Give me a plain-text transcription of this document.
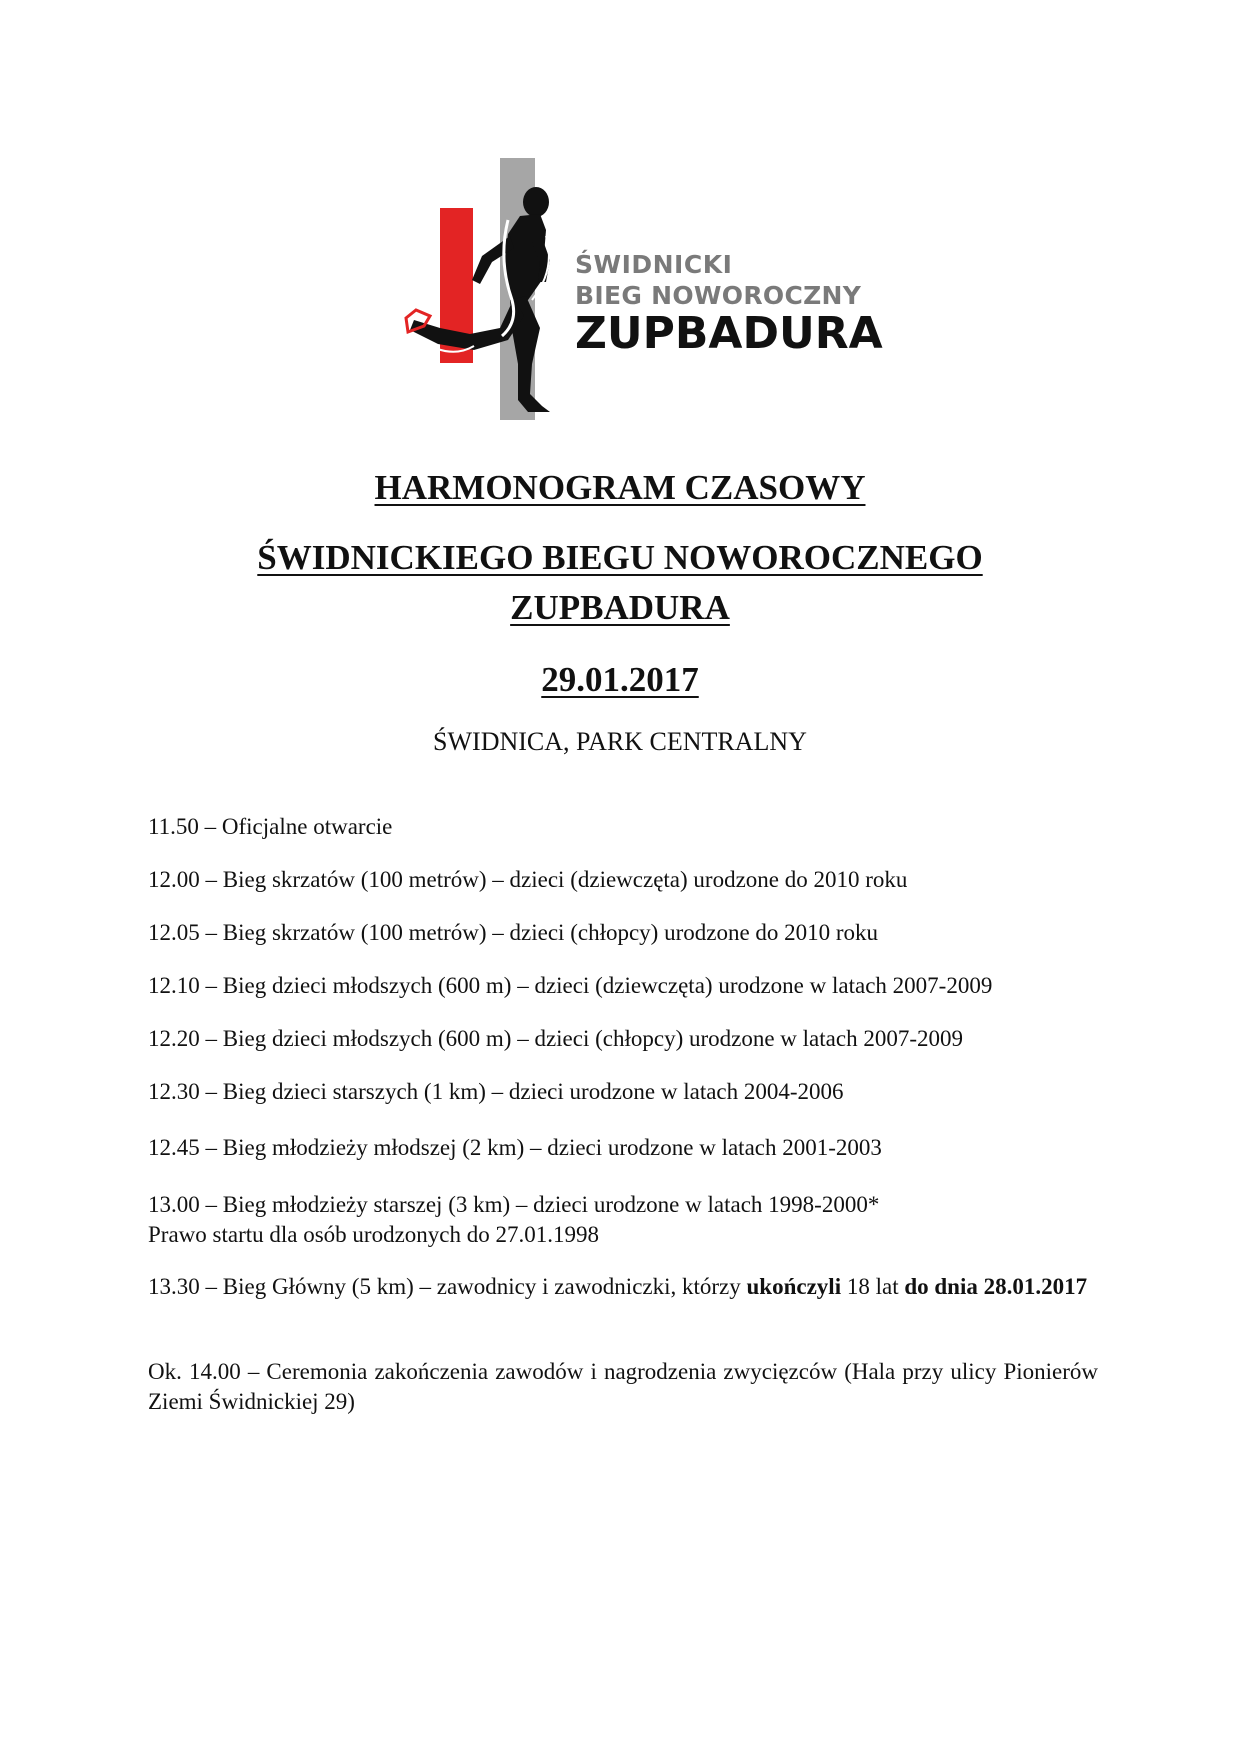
ŚWIDNICKI
BIEG NOWOROCZNY
ZUPBADURA
HARMONOGRAM CZASOWY
ŚWIDNICKIEGO BIEGU NOWOROCZNEGO
ZUPBADURA
29.01.2017
ŚWIDNICA, PARK CENTRALNY

11.50 – Oficjalne otwarcie

12.00 – Bieg skrzatów (100 metrów) – dzieci (dziewczęta) urodzone do 2010 roku

12.05 – Bieg skrzatów (100 metrów) – dzieci (chłopcy) urodzone do 2010 roku

12.10 – Bieg dzieci młodszych (600 m) – dzieci (dziewczęta) urodzone w latach 2007-2009

12.20 – Bieg dzieci młodszych (600 m) – dzieci (chłopcy) urodzone w latach 2007-2009

12.30 – Bieg dzieci starszych (1 km) – dzieci urodzone w latach 2004-2006

12.45 – Bieg młodzieży młodszej (2 km) – dzieci urodzone w latach 2001-2003

13.00 – Bieg młodzieży starszej (3 km) – dzieci urodzone w latach 1998-2000*
Prawo startu dla osób urodzonych do 27.01.1998

13.30 – Bieg Główny (5 km) – zawodnicy i zawodniczki, którzy ukończyli 18 lat do dnia 28.01.2017

Ok. 14.00 – Ceremonia zakończenia zawodów i nagrodzenia zwycięzców (Hala przy ulicy Pionierów Ziemi Świdnickiej 29)
